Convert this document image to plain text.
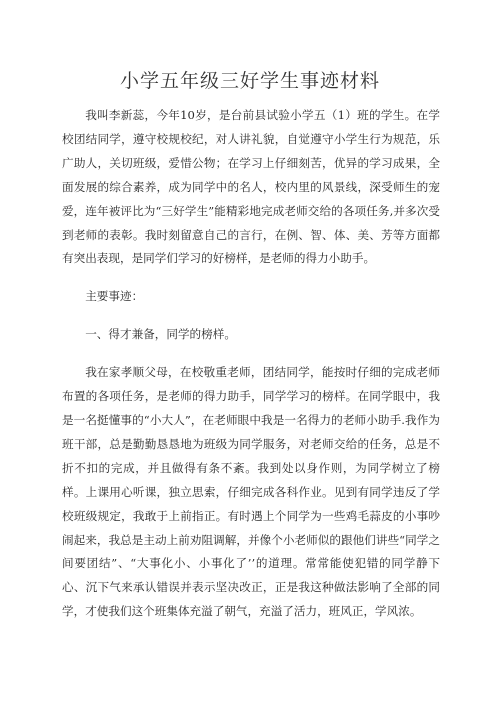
小学五年级三好学生事迹材料

我叫李新蕊，今年10岁，是台前县试验小学五（1）班的学生。在学校团结同学，遵守校规校纪，对人讲礼貌，自觉遵守小学生行为规范，乐广助人，关切班级，爱惜公物；在学习上仔细刻苦，优异的学习成果，全面发展的综合素养，成为同学中的名人，校内里的风景线，深受师生的宠爱，连年被评比为“三好学生”能精彩地完成老师交给的各项任务,并多次受到老师的表彰。我时刻留意自己的言行，在例、智、体、美、芳等方面都有突出表现，是同学们学习的好榜样，是老师的得力小助手。

主要事迹：

一、得才兼备，同学的榜样。

我在家孝顺父母，在校敬重老师，团结同学，能按时仔细的完成老师布置的各项任务，是老师的得力助手，同学学习的榜样。在同学眼中，我是一名挺懂事的“小大人”，在老师眼中我是一名得力的老师小助手.我作为班干部，总是勤勤恳恳地为班级为同学服务，对老师交给的任务，总是不折不扣的完成，并且做得有条不紊。我到处以身作则，为同学树立了榜样。上课用心听课，独立思索，仔细完成各科作业。见到有同学违反了学校班级规定，我敢于上前指正。有时遇上个同学为一些鸡毛蒜皮的小事吵闹起来，我总是主动上前劝阻调解，并像个小老师似的跟他们讲些“同学之间要团结”、“大事化小、小事化了’’的道理。常常能使犯错的同学静下心、沉下气来承认错误并表示坚决改正，正是我这种做法影响了全部的同学，才使我们这个班集体充溢了朝气，充溢了活力，班风正，学风浓。
